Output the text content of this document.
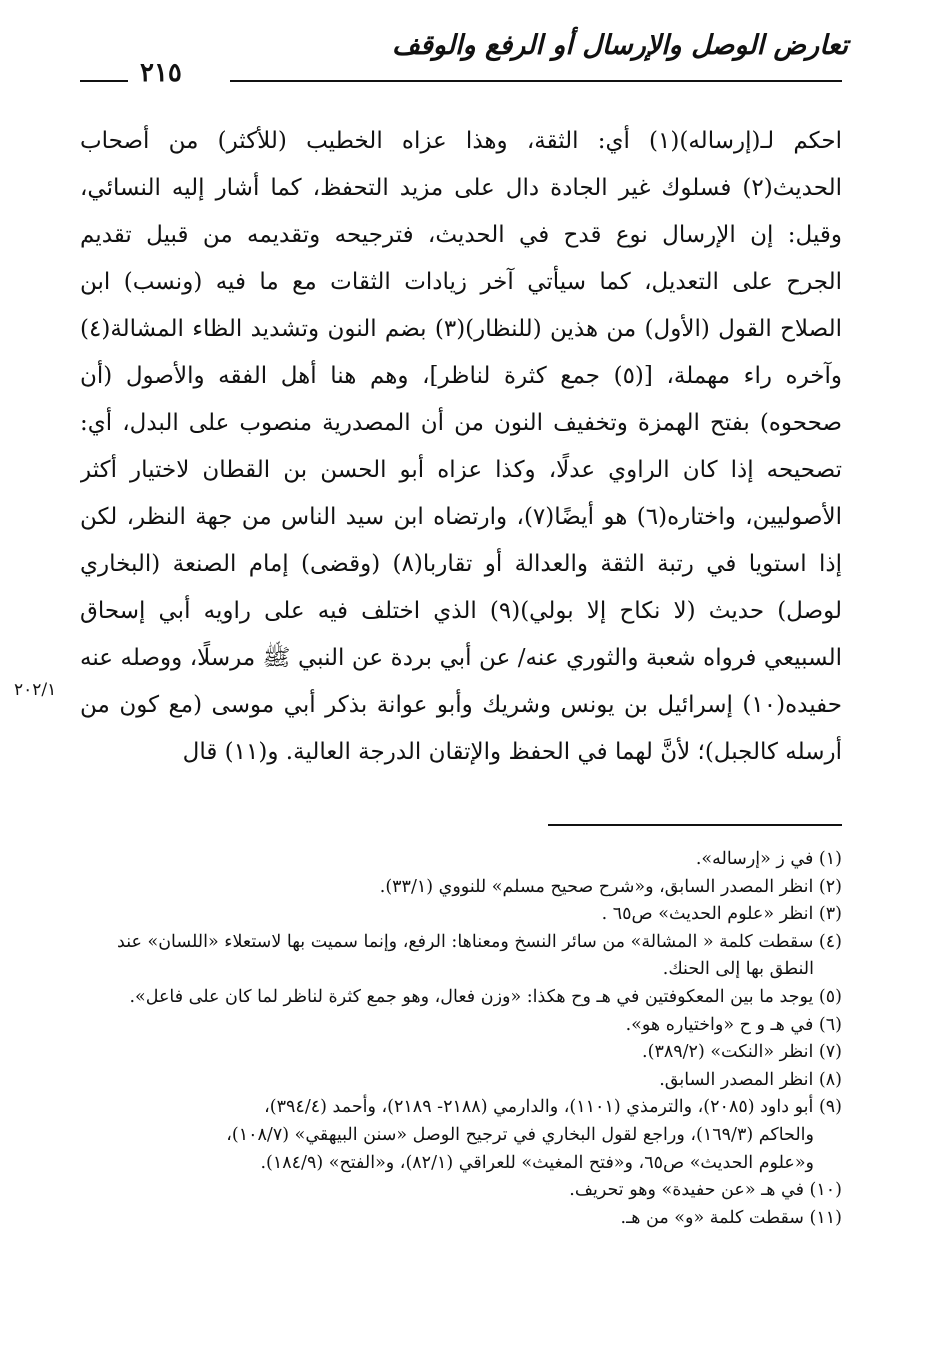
تعارض الوصل والإرسال أو الرفع والوقف
٢١٥
احكم لـ(إرساله)(١) أي: الثقة، وهذا عزاه الخطيب (للأكثر) من أصحاب
الحديث(٢) فسلوك غير الجادة دال على مزيد التحفظ، كما أشار إليه النسائي،
وقيل: إن الإرسال نوع قدح في الحديث، فترجيحه وتقديمه من قبيل تقديم
الجرح على التعديل، كما سيأتي آخر زيادات الثقات مع ما فيه (ونسب) ابن
الصلاح القول (الأول) من هذين (للنظار)(٣) بضم النون وتشديد الظاء المشالة(٤)
وآخره راء مهملة، [(٥) جمع كثرة لناظر]، وهم هنا أهل الفقه والأصول (أن
صححوه) بفتح الهمزة وتخفيف النون من أن المصدرية منصوب على البدل، أي:
تصحيحه إذا كان الراوي عدلًا، وكذا عزاه أبو الحسن بن القطان لاختيار أكثر
الأصوليين، واختاره(٦) هو أيضًا(٧)، وارتضاه ابن سيد الناس من جهة النظر، لكن
إذا استويا في رتبة الثقة والعدالة أو تقاربا(٨) (وقضى) إمام الصنعة (البخاري
لوصل) حديث (لا نكاح إلا بولي)(٩) الذي اختلف فيه على راويه أبي إسحاق
السبيعي فرواه شعبة والثوري عنه/ عن أبي بردة عن النبي ﷺ مرسلًا، ووصله عنه
حفيده(١٠) إسرائيل بن يونس وشريك وأبو عوانة بذكر أبي موسى (مع كون من
أرسله كالجبل)؛ لأنَّ لهما في الحفظ والإتقان الدرجة العالية. و(١١) قال
٢٠٢/١
(١) في ز «إرساله».
(٢) انظر المصدر السابق، و«شرح صحيح مسلم» للنووي (٣٣/١).
(٣) انظر «علوم الحديث» ص٦٥ .
(٤) سقطت كلمة « المشالة» من سائر النسخ ومعناها: الرفع، وإنما سميت بها لاستعلاء «اللسان» عند
النطق بها إلى الحنك.
(٥) يوجد ما بين المعكوفتين في هـ وح هكذا: «وزن فعال، وهو جمع كثرة لناظر لما كان على فاعل».
(٦) في هـ و ح «واختياره هو».
(٧) انظر «النكت» (٣٨٩/٢).
(٨) انظر المصدر السابق.
(٩) أبو داود (٢٠٨٥)، والترمذي (١١٠١)، والدارمي (٢١٨٨- ٢١٨٩)، وأحمد (٣٩٤/٤)،
والحاكم (١٦٩/٣)، وراجع لقول البخاري في ترجيح الوصل «سنن البيهقي» (١٠٨/٧)،
و«علوم الحديث» ص٦٥، و«فتح المغيث» للعراقي (٨٢/١)، و«الفتح» (١٨٤/٩).
(١٠) في هـ «عن حفيدة» وهو تحريف.
(١١) سقطت كلمة «و» من هـ.
